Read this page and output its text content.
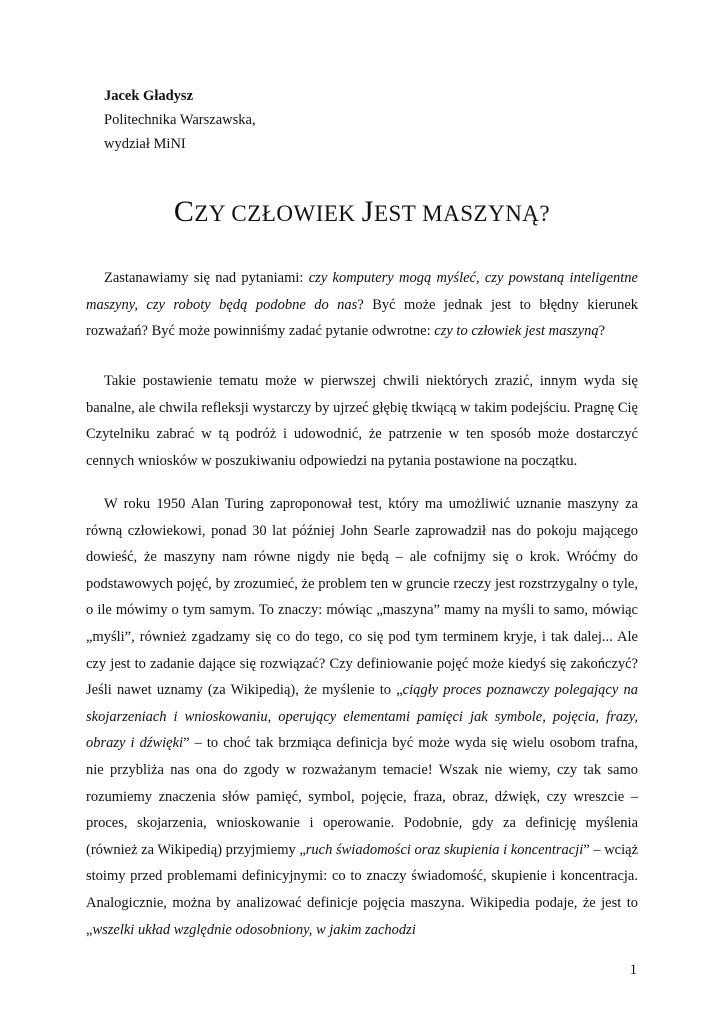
Jacek Gładysz
Politechnika Warszawska,
wydział MiNI
CZY CZŁOWIEK JEST MASZYNĄ?

Zastanawiamy się nad pytaniami: czy komputery mogą myśleć, czy powstaną inteligentne maszyny, czy roboty będą podobne do nas? Być może jednak jest to błędny kierunek rozważań? Być może powinniśmy zadać pytanie odwrotne: czy to człowiek jest maszyną?

Takie postawienie tematu może w pierwszej chwili niektórych zrazić, innym wyda się banalne, ale chwila refleksji wystarczy by ujrzeć głębię tkwiącą w takim podejściu. Pragnę Cię Czytelniku zabrać w tą podróż i udowodnić, że patrzenie w ten sposób może dostarczyć cennych wniosków w poszukiwaniu odpowiedzi na pytania postawione na początku.

W roku 1950 Alan Turing zaproponował test, który ma umożliwić uznanie maszyny za równą człowiekowi, ponad 30 lat później John Searle zaprowadził nas do pokoju mającego dowieść, że maszyny nam równe nigdy nie będą – ale cofnijmy się o krok. Wróćmy do podstawowych pojęć, by zrozumieć, że problem ten w gruncie rzeczy jest rozstrzygalny o tyle, o ile mówimy o tym samym. To znaczy: mówiąc „maszyna” mamy na myśli to samo, mówiąc „myśli”, również zgadzamy się co do tego, co się pod tym terminem kryje, i tak dalej... Ale czy jest to zadanie dające się rozwiązać? Czy definiowanie pojęć może kiedyś się zakończyć? Jeśli nawet uznamy (za Wikipedią), że myślenie to „ciągły proces poznawczy polegający na skojarzeniach i wnioskowaniu, operujący elementami pamięci jak symbole, pojęcia, frazy, obrazy i dźwięki” – to choć tak brzmiąca definicja być może wyda się wielu osobom trafna, nie przybliża nas ona do zgody w rozważanym temacie! Wszak nie wiemy, czy tak samo rozumiemy znaczenia słów pamięć, symbol, pojęcie, fraza, obraz, dźwięk, czy wreszcie – proces, skojarzenia, wnioskowanie i operowanie. Podobnie, gdy za definicję myślenia (również za Wikipedią) przyjmiemy „ruch świadomości oraz skupienia i koncentracji” – wciąż stoimy przed problemami definicyjnymi: co to znaczy świadomość, skupienie i koncentracja. Analogicznie, można by analizować definicje pojęcia maszyna. Wikipedia podaje, że jest to „wszelki układ względnie odosobniony, w jakim zachodzi

1
